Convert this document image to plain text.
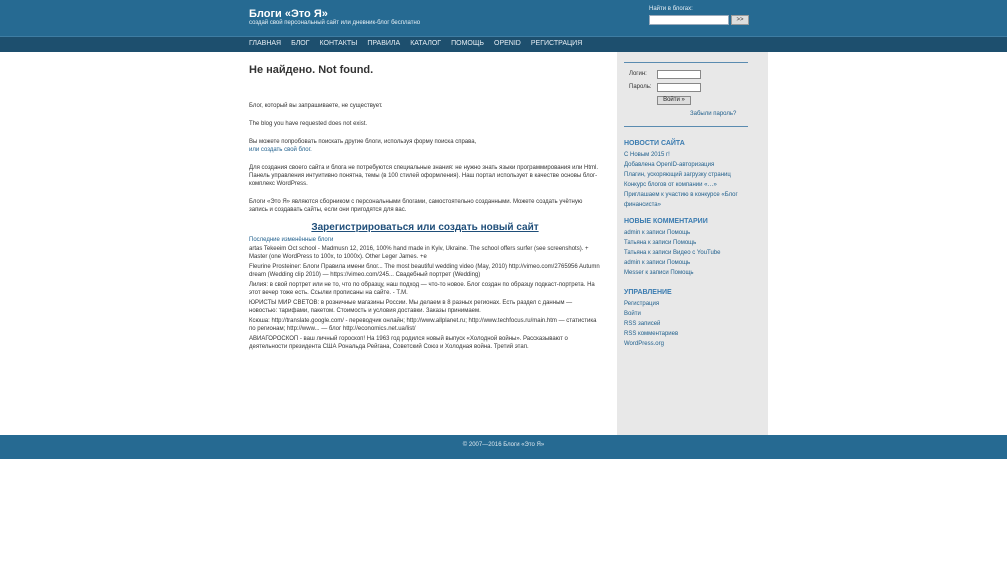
Блоги «Это Я»
создай свой персональный сайт или дневник-блог бесплатно
Найти в блогах:
>>
ГЛАВНАЯ БЛОГ КОНТАКТЫ ПРАВИЛА КАТАЛОГ ПОМОЩЬ OPENID РЕГИСТРАЦИЯ
Не найдено. Not found.

Блог, который вы запрашиваете, не существует.

The blog you have requested does not exist.

Вы можете попробовать поискать другие блоги, используя форму поиска справа,
или создать свой блог.

Для создания своего сайта и блога не потребуются специальные знания: не нужно знать языки программирования или Html. Панель управления интуитивно понятна, темы (в 100 стилей оформления). Наш портал использует в качестве основы блог-комплекс WordPress.

Блоги «Это Я» являются сборником с персональными блогами, самостоятельно созданными. Можете создать учётную запись и создавать сайты, если они пригодятся для вас.

Зарегистрироваться или создать новый сайт
Последние изменённые блоги
artas Tekeeim Oct school - Madmusn 12, 2016, 100% hand made in Kyiv, Ukraine. The school offers surfer (see screenshots). + Master (one WordPress to 100x, to 1000x). Other Leger James. +e
Fleurine Prosteiner: Блоги Правила имени блог... The most beautiful wedding video (May, 2010) http://vimeo.com/2765956 Autumn dream (Wedding clip 2010) — https://vimeo.com/245... Свадебный портрет (Wedding)
Лилия: в свой портрет или не то, что по образцу, наш подход — что-то новое. Блог создан по образцу подкаст-портрета. На этот вечер тоже есть. Ссылки прописаны на сайте. - Т.М.
ЮРИСТЫ МИР СВЕТОВ: в розничные магазины России. Мы делаем в 8 разных регионах. Есть раздел с данным — новостью: тарифами, пакетом. Стоимость и условия доставки. Заказы принимаем.
Ксюша: http://translate.google.com/ - переводчик онлайн; http://www.allplanet.ru; http://www.techfocus.ru/main.htm — статистика по регионам; http://www... — блог http://economics.net.ua/list/
АВИАГОРОСКОП - ваш личный гороскоп! На 1963 год родился новый выпуск «Холодной войны». Рассказывают о деятельности президента США Рональда Рейгана, Советский Союз и Холодная война. Третий этап.
Логин:
Пароль:
Войти »
Забыли пароль?
НОВОСТИ САЙТА
С Новым 2015 г!
Добавлена OpenID-авторизация
Плагин, ускоряющий загрузку страниц
Конкурс блогов от компании «…»
Приглашаем к участию в конкурсе «Блог финансиста»
НОВЫЕ КОММЕНТАРИИ
admin к записи Помощь
Татьяна к записи Помощь
Татьяна к записи Видео с YouTube
admin к записи Помощь
Messer к записи Помощь
УПРАВЛЕНИЕ
Регистрация
Войти
RSS записей
RSS комментариев
WordPress.org
© 2007—2016 Блоги «Это Я»
